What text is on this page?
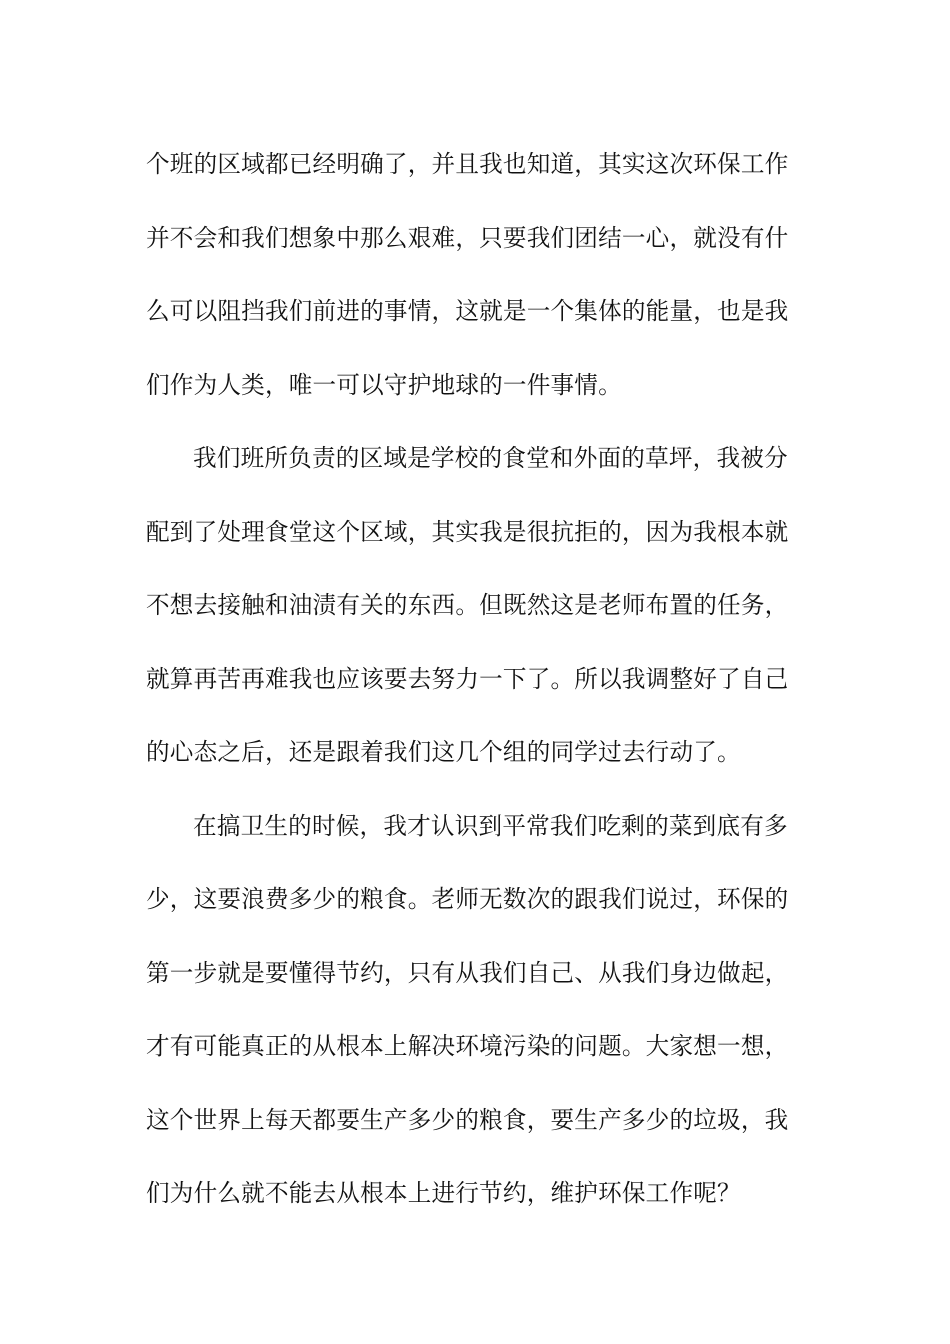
个班的区域都已经明确了，并且我也知道，其实这次环保工作
并不会和我们想象中那么艰难，只要我们团结一心，就没有什
么可以阻挡我们前进的事情，这就是一个集体的能量，也是我
们作为人类，唯一可以守护地球的一件事情。
我们班所负责的区域是学校的食堂和外面的草坪，我被分
配到了处理食堂这个区域，其实我是很抗拒的，因为我根本就
不想去接触和油渍有关的东西。但既然这是老师布置的任务，
就算再苦再难我也应该要去努力一下了。所以我调整好了自己
的心态之后，还是跟着我们这几个组的同学过去行动了。
在搞卫生的时候，我才认识到平常我们吃剩的菜到底有多
少，这要浪费多少的粮食。老师无数次的跟我们说过，环保的
第一步就是要懂得节约，只有从我们自己、从我们身边做起，
才有可能真正的从根本上解决环境污染的问题。大家想一想，
这个世界上每天都要生产多少的粮食，要生产多少的垃圾，我
们为什么就不能去从根本上进行节约，维护环保工作呢？
